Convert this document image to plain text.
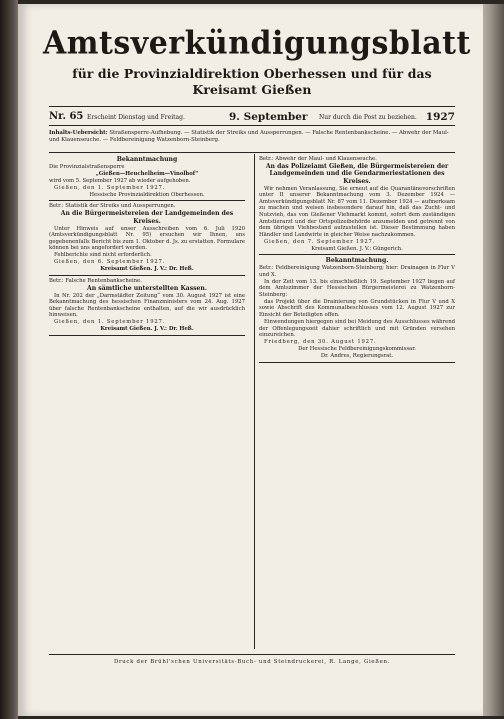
Amtsverkündigungsblatt
für die Provinzialdirektion Oberhessen und für das Kreisamt Gießen
Nr. 65 Erscheint Dienstag und Freitag.	9. September Nur durch die Post zu beziehen. 1927
Inhalts-Uebersicht: Straßensperre-Aufhebung. — Statistik der Streiks und Aussperrungen. — Falsche Rentenbankscheine. — Abwehr der Maul- und Klauenseuche. — Feldbereinigung Watzenborn-Steinberg.

Bekanntmachung

Die Provinzialstraßensperre

„Gießen—Heuchelheim—Vinolhof“

wird vom 5. September 1927 ab wieder aufgehoben.

Gießen, den 1. September 1927.

Hessische Provinzialdirektion Oberhessen.

Betr.: Statistik der Streiks und Aussperrungen.

An die Bürgermeistereien der Landgemeinden des Kreises.

Unter Hinweis auf unser Ausschreiben vom 6. Juli 1920 (Amtsverkündigungsblatt Nr. 95) ersuchen wir Ihnen, uns gegebenenfalls Bericht bis zum 1. Oktober d. Js. zu erstatten. Formulare können bei uns angefordert werden.

Fehlberichte sind nicht erforderlich.

Gießen, den 6. September 1927.

Kreisamt Gießen. J. V.: Dr. Heß.

Betr.: Falsche Rentenbankscheine.

An sämtliche unterstellten Kassen.

In Nr. 202 der „Darmstädter Zeitung“ vom 30. August 1927 ist eine Bekanntmachung des hessischen Finanzministers vom 24. Aug. 1927 über falsche Rentenbankscheine enthalten, auf die wir ausdrücklich hinweisen.

Gießen, den 1. September 1927.

Kreisamt Gießen. J. V.: Dr. Heß.

Betr.: Abwehr der Maul- und Klauenseuche.

An das Polizeiamt Gießen, die Bürgermeistereien der Landgemeinden und die Gendarmeriestationen des Kreises.

Wir nehmen Veranlassung, Sie erneut auf die Quarantänevorschriften unter II unserer Bekanntmachung vom 3. Dezember 1924 — Amtsverkündigungsblatt Nr. 87 vom 11. Dezember 1924 — aufmerksam zu machen und weisen insbesondere darauf hin, daß das Zucht- und Nutzvieh, das von Gießener Viehmarkt kommt, sofort dem zuständigen Amtstierarzt und der Ortspolizeibehörde anzumelden und getrennt von dem übrigen Viehbestand aufzustellen ist. Dieser Bestimmung haben Händler und Landwirte in gleicher Weise nachzukommen.

Gießen, den 7. September 1927.

Kreisamt Gießen. J. V.: Güngerich.

Bekanntmachung.

Betr.: Feldbereinigung Watzenborn-Steinberg; hier: Drainagen in Flur V und X.

In der Zeit vom 13. bis einschließlich 19. September 1927 liegen auf dem Amtszimmer der Hessischen Bürgermeisterei zu Watzenborn-Steinberg:

das Projekt über die Drainierung von Grundstücken in Flur V und X sowie Abschrift des Kommunalbeschlusses vom 12. August 1927 zur Einsicht der Beteiligten offen.

Einwendungen hiergegen sind bei Meidung des Ausschlusses während der Offenlegungszeit dahier schriftlich und mit Gründen versehen einzureichen.

Friedberg, den 30. August 1927.

Der Hessische Feldbereinigungskommissar.

Dr. Andres, Regierungsrat.

Druck der Brühl'schen Universitäts-Buch- und Steindruckerei, R. Lange, Gießen.
